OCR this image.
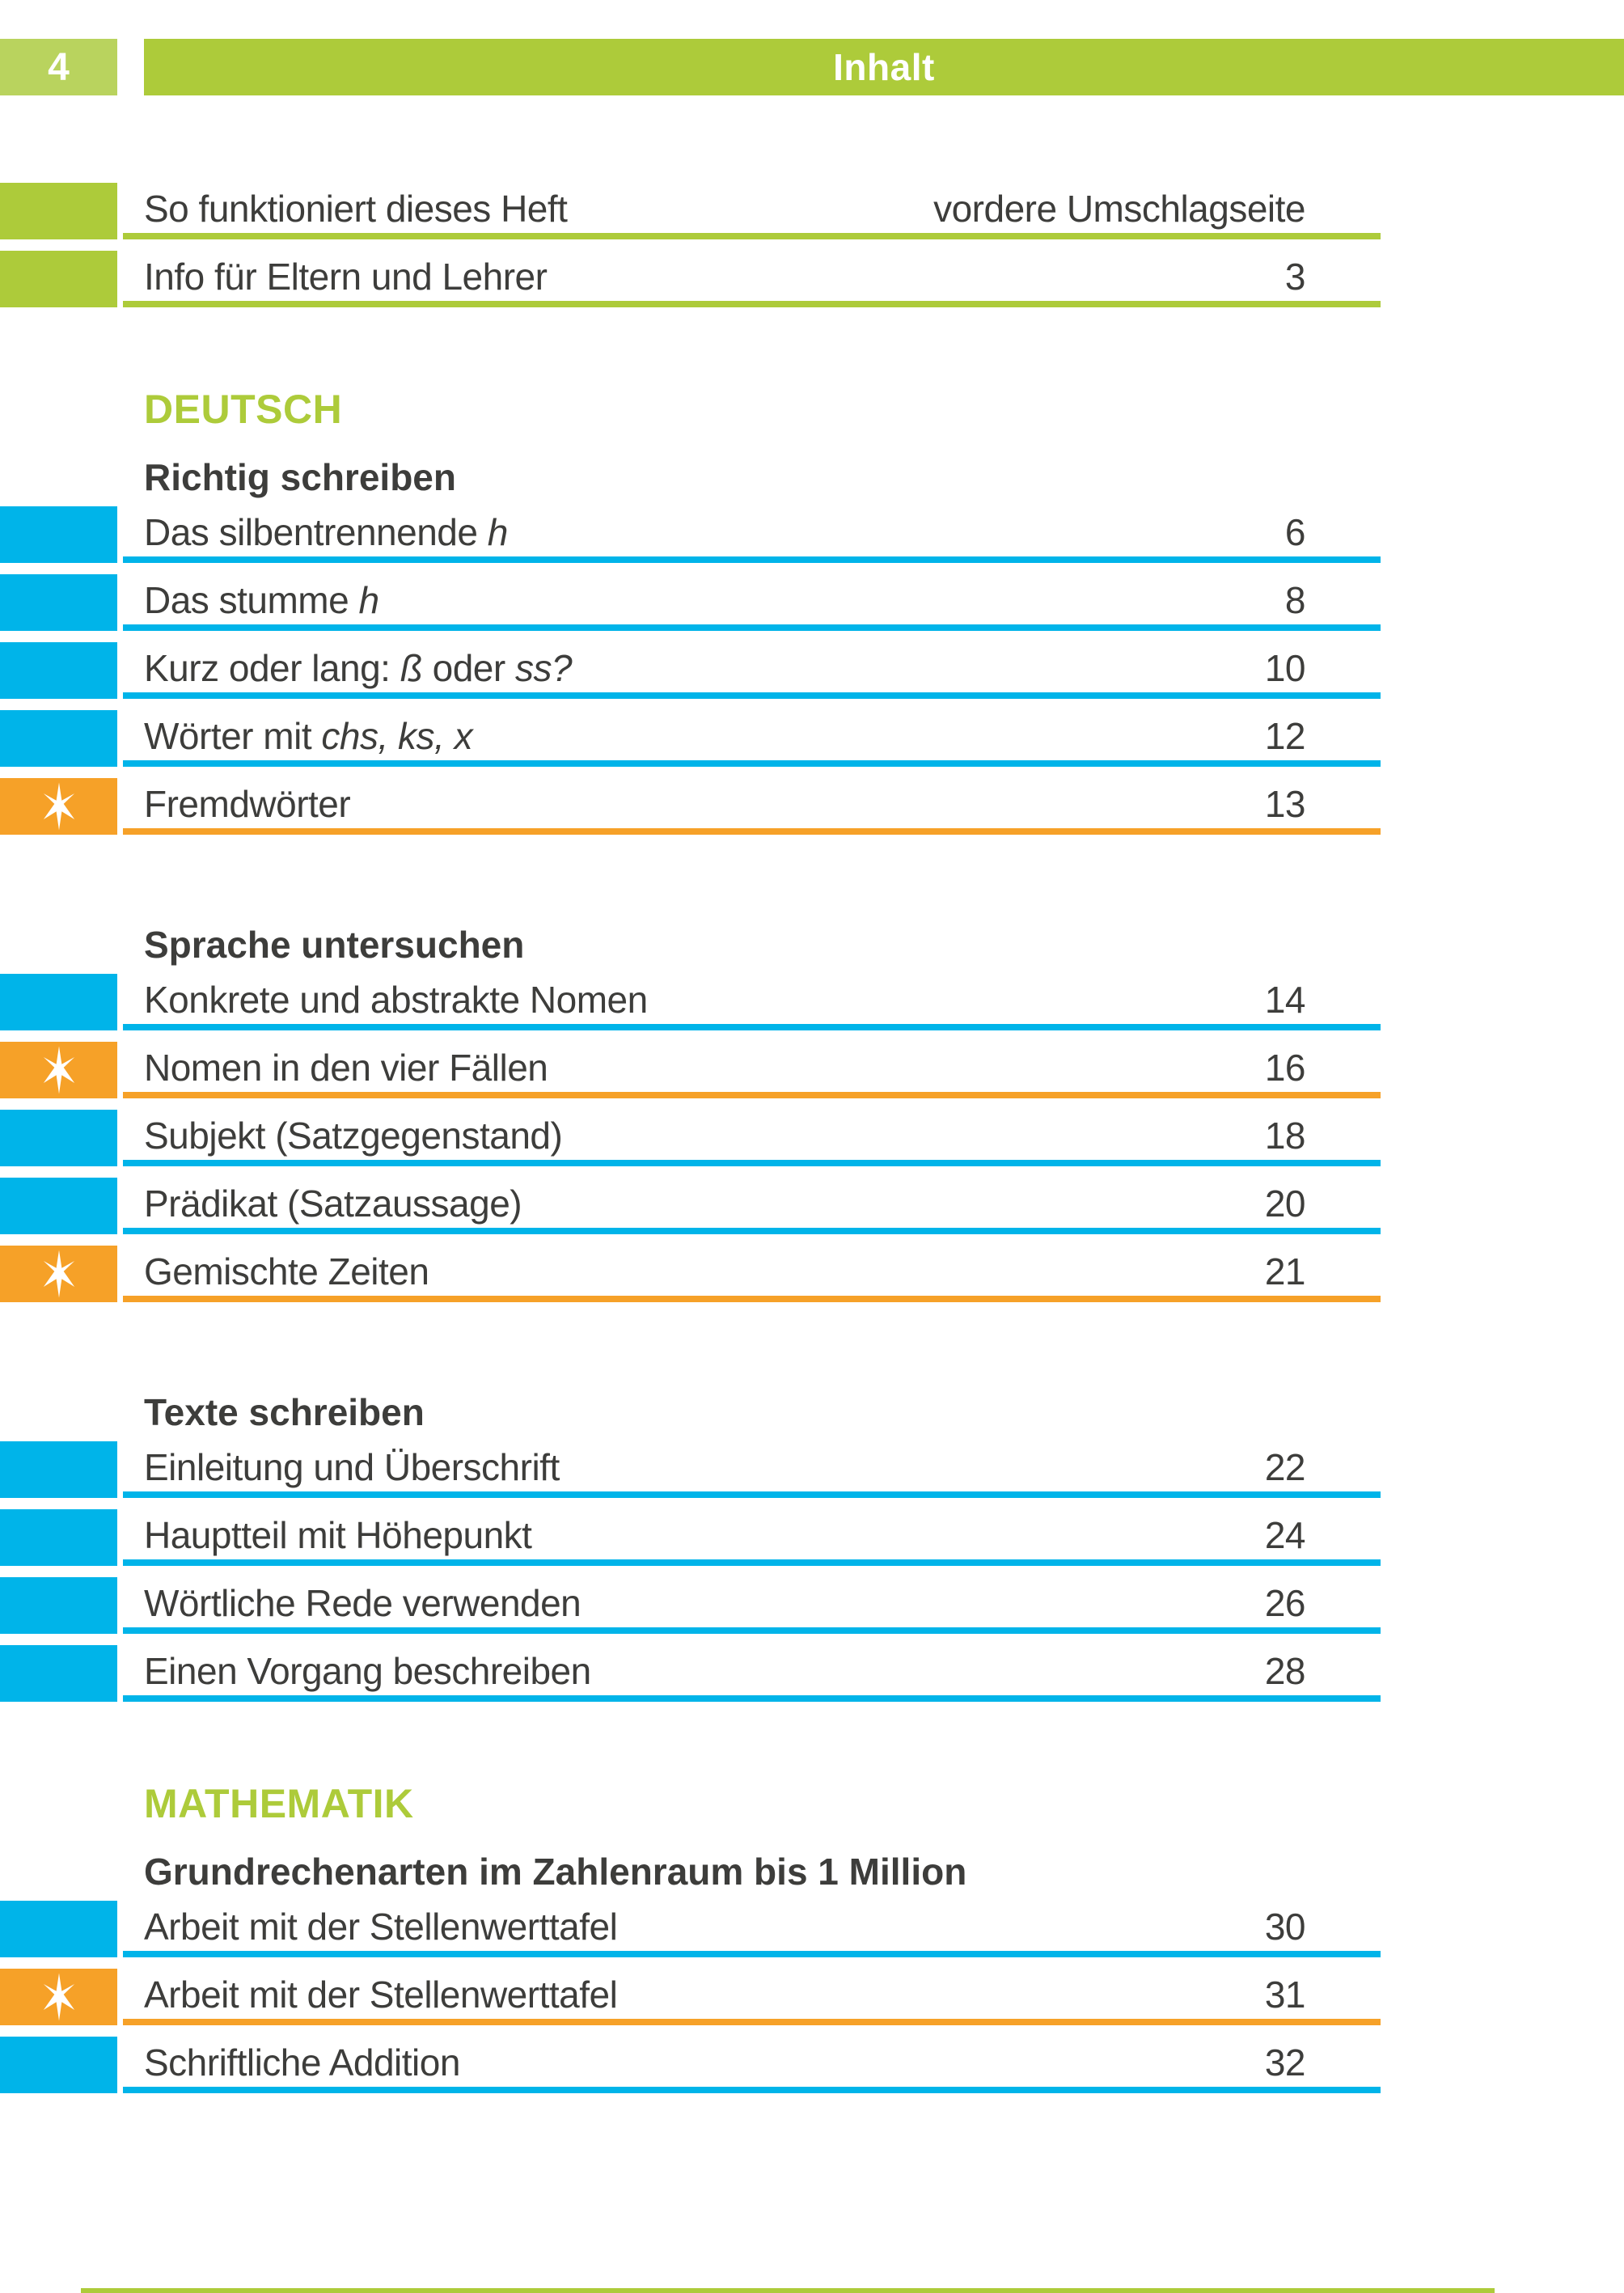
4	Inhalt
So funktioniert dieses Heft	vordere Umschlagseite
Info für Eltern und Lehrer	3
DEUTSCH
Richtig schreiben
Das silbentrennende h	6
Das stumme h	8
Kurz oder lang: ß oder ss?	10
Wörter mit chs, ks, x	12
Fremdwörter	13
Sprache untersuchen
Konkrete und abstrakte Nomen	14
Nomen in den vier Fällen	16
Subjekt (Satzgegenstand)	18
Prädikat (Satzaussage)	20
Gemischte Zeiten	21
Texte schreiben
Einleitung und Überschrift	22
Hauptteil mit Höhepunkt	24
Wörtliche Rede verwenden	26
Einen Vorgang beschreiben	28
MATHEMATIK
Grundrechenarten im Zahlenraum bis 1 Million
Arbeit mit der Stellenwerttafel	30
Arbeit mit der Stellenwerttafel	31
Schriftliche Addition	32
